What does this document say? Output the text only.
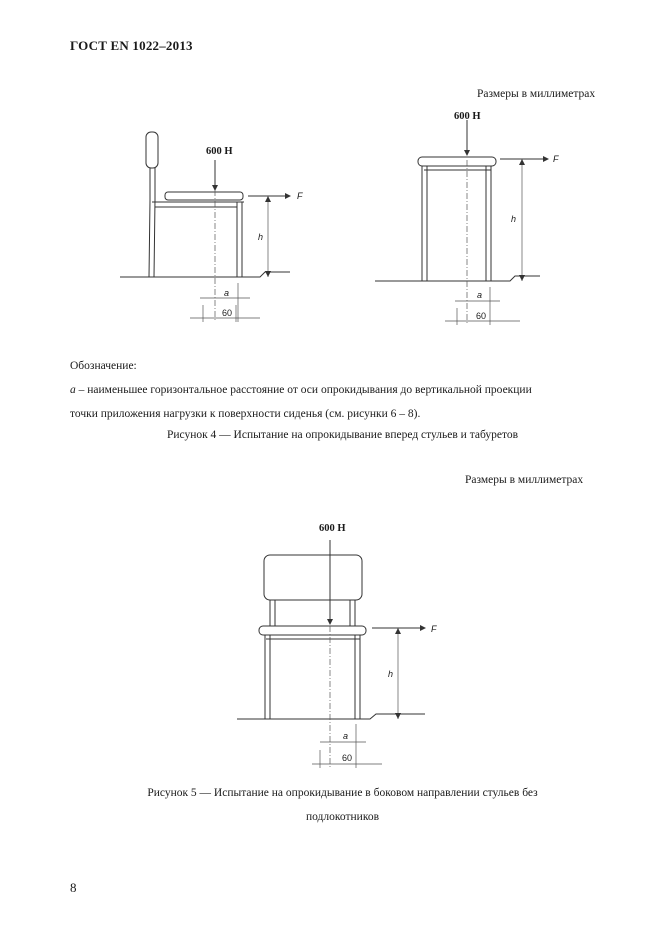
ГОСТ EN 1022–2013
Размеры в миллиметрах
600 H
F
h
a
60
600 H
F
h
a
60
600 H
F
h
a
60
Обозначение:
a – наименьшее горизонтальное расстояние от оси опрокидывания до вертикальной проекции
точки приложения нагрузки к поверхности сиденья (см. рисунки 6 – 8).
Рисунок 4 — Испытание на опрокидывание вперед стульев и табуретов
Размеры в миллиметрах
Рисунок 5 — Испытание на опрокидывание в боковом направлении стульев без
подлокотников
8
